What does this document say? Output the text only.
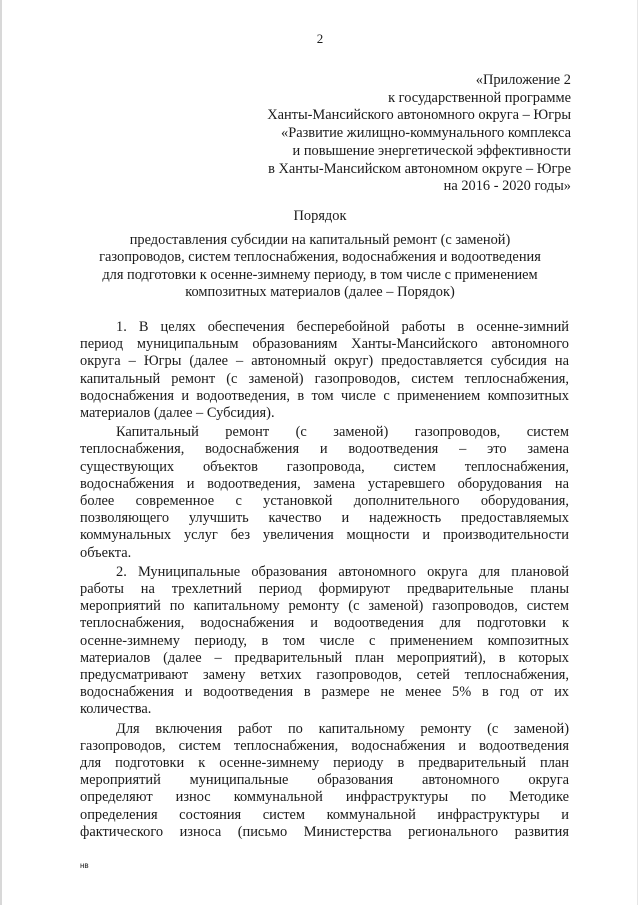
2
«Приложение 2
к государственной программе
Ханты-Мансийского автономного округа – Югры
«Развитие жилищно-коммунального комплекса
и повышение энергетической эффективности
в Ханты-Мансийском автономном округе – Югре
на 2016 - 2020 годы»
Порядок
предоставления субсидии на капитальный ремонт (с заменой)
газопроводов, систем теплоснабжения, водоснабжения и водоотведения
для подготовки к осенне-зимнему периоду, в том числе с применением
композитных материалов (далее – Порядок)

1. В целях обеспечения бесперебойной работы в осенне-зимний
период муниципальным образованиям Ханты-Мансийского автономного
округа – Югры (далее – автономный округ) предоставляется субсидия на
капитальный ремонт (с заменой) газопроводов, систем теплоснабжения,
водоснабжения и водоотведения, в том числе с применением композитных
материалов (далее – Субсидия).

Капитальный ремонт (с заменой) газопроводов, систем
теплоснабжения, водоснабжения и водоотведения – это замена
существующих объектов газопровода, систем теплоснабжения,
водоснабжения и водоотведения, замена устаревшего оборудования на
более современное с установкой дополнительного оборудования,
позволяющего улучшить качество и надежность предоставляемых
коммунальных услуг без увеличения мощности и производительности
объекта.

2. Муниципальные образования автономного округа для плановой
работы на трехлетний период формируют предварительные планы
мероприятий по капитальному ремонту (с заменой) газопроводов, систем
теплоснабжения, водоснабжения и водоотведения для подготовки к
осенне-зимнему периоду, в том числе с применением композитных
материалов (далее – предварительный план мероприятий), в которых
предусматривают замену ветхих газопроводов, сетей теплоснабжения,
водоснабжения и водоотведения в размере не менее 5% в год от их
количества.

Для включения работ по капитальному ремонту (с заменой)
газопроводов, систем теплоснабжения, водоснабжения и водоотведения
для подготовки к осенне-зимнему периоду в предварительный план
мероприятий муниципальные образования автономного округа
определяют износ коммунальной инфраструктуры по Методике
определения состояния систем коммунальной инфраструктуры и
фактического износа (письмо Министерства регионального развития

нв
